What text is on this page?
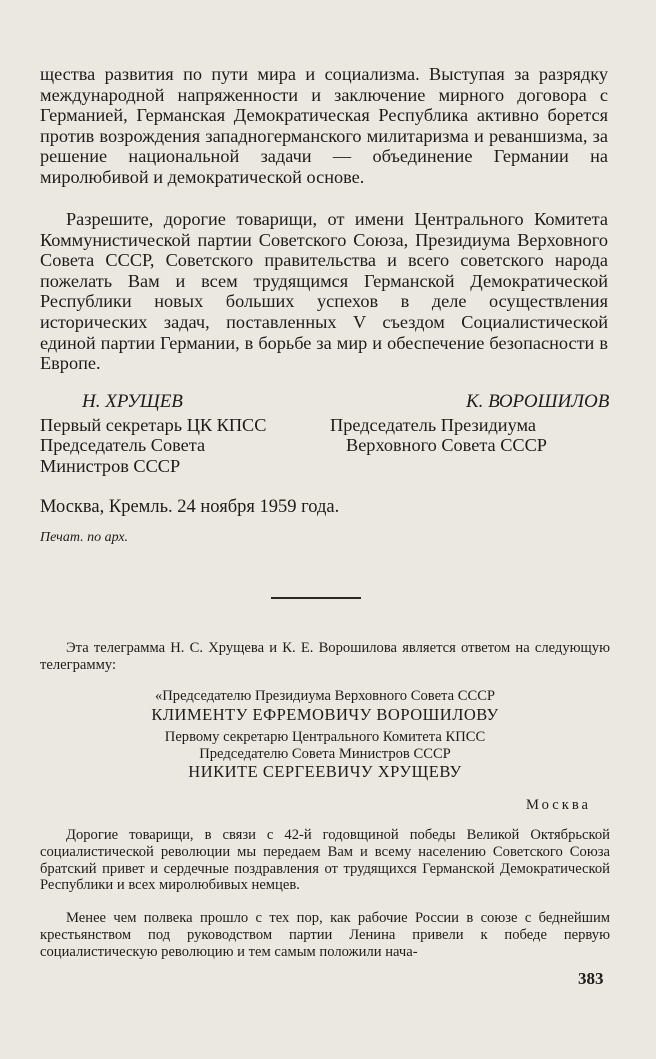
щества развития по пути мира и социализма. Выступая за разрядку международной напряженности и заключение мирного договора с Германией, Германская Демократическая Республика активно борется против возрождения западногерманского милитаризма и реваншизма, за решение национальной задачи — объединение Германии на миролюбивой и демократической основе.

Разрешите, дорогие товарищи, от имени Центрального Комитета Коммунистической партии Советского Союза, Президиума Верховного Совета СССР, Советского правительства и всего советского народа пожелать Вам и всем трудящимся Германской Демократической Республики новых больших успехов в деле осуществления исторических задач, поставленных V съездом Социалистической единой партии Германии, в борьбе за мир и обеспечение безопасности в Европе.

Н. ХРУЩЕВ	К. ВОРОШИЛОВ
Первый секретарь ЦК КПСС
Председатель Совета
Министров СССР
Председатель Президиума
Верховного Совета СССР
Москва, Кремль. 24 ноября 1959 года.
Печат. по арх.

Эта телеграмма Н. С. Хрущева и К. Е. Ворошилова является ответом на следующую телеграмму:

«Председателю Президиума Верховного Совета СССР
КЛИМЕНТУ ЕФРЕМОВИЧУ ВОРОШИЛОВУ
Первому секретарю Центрального Комитета КПСС
Председателю Совета Министров СССР
НИКИТЕ СЕРГЕЕВИЧУ ХРУЩЕВУ
Москва

Дорогие товарищи, в связи с 42-й годовщиной победы Великой Октябрьской социалистической революции мы передаем Вам и всему населению Советского Союза братский привет и сердечные поздравления от трудящихся Германской Демократической Республики и всех миролюбивых немцев.

Менее чем полвека прошло с тех пор, как рабочие России в союзе с беднейшим крестьянством под руководством партии Ленина привели к победе первую социалистическую революцию и тем самым положили нача-

383
